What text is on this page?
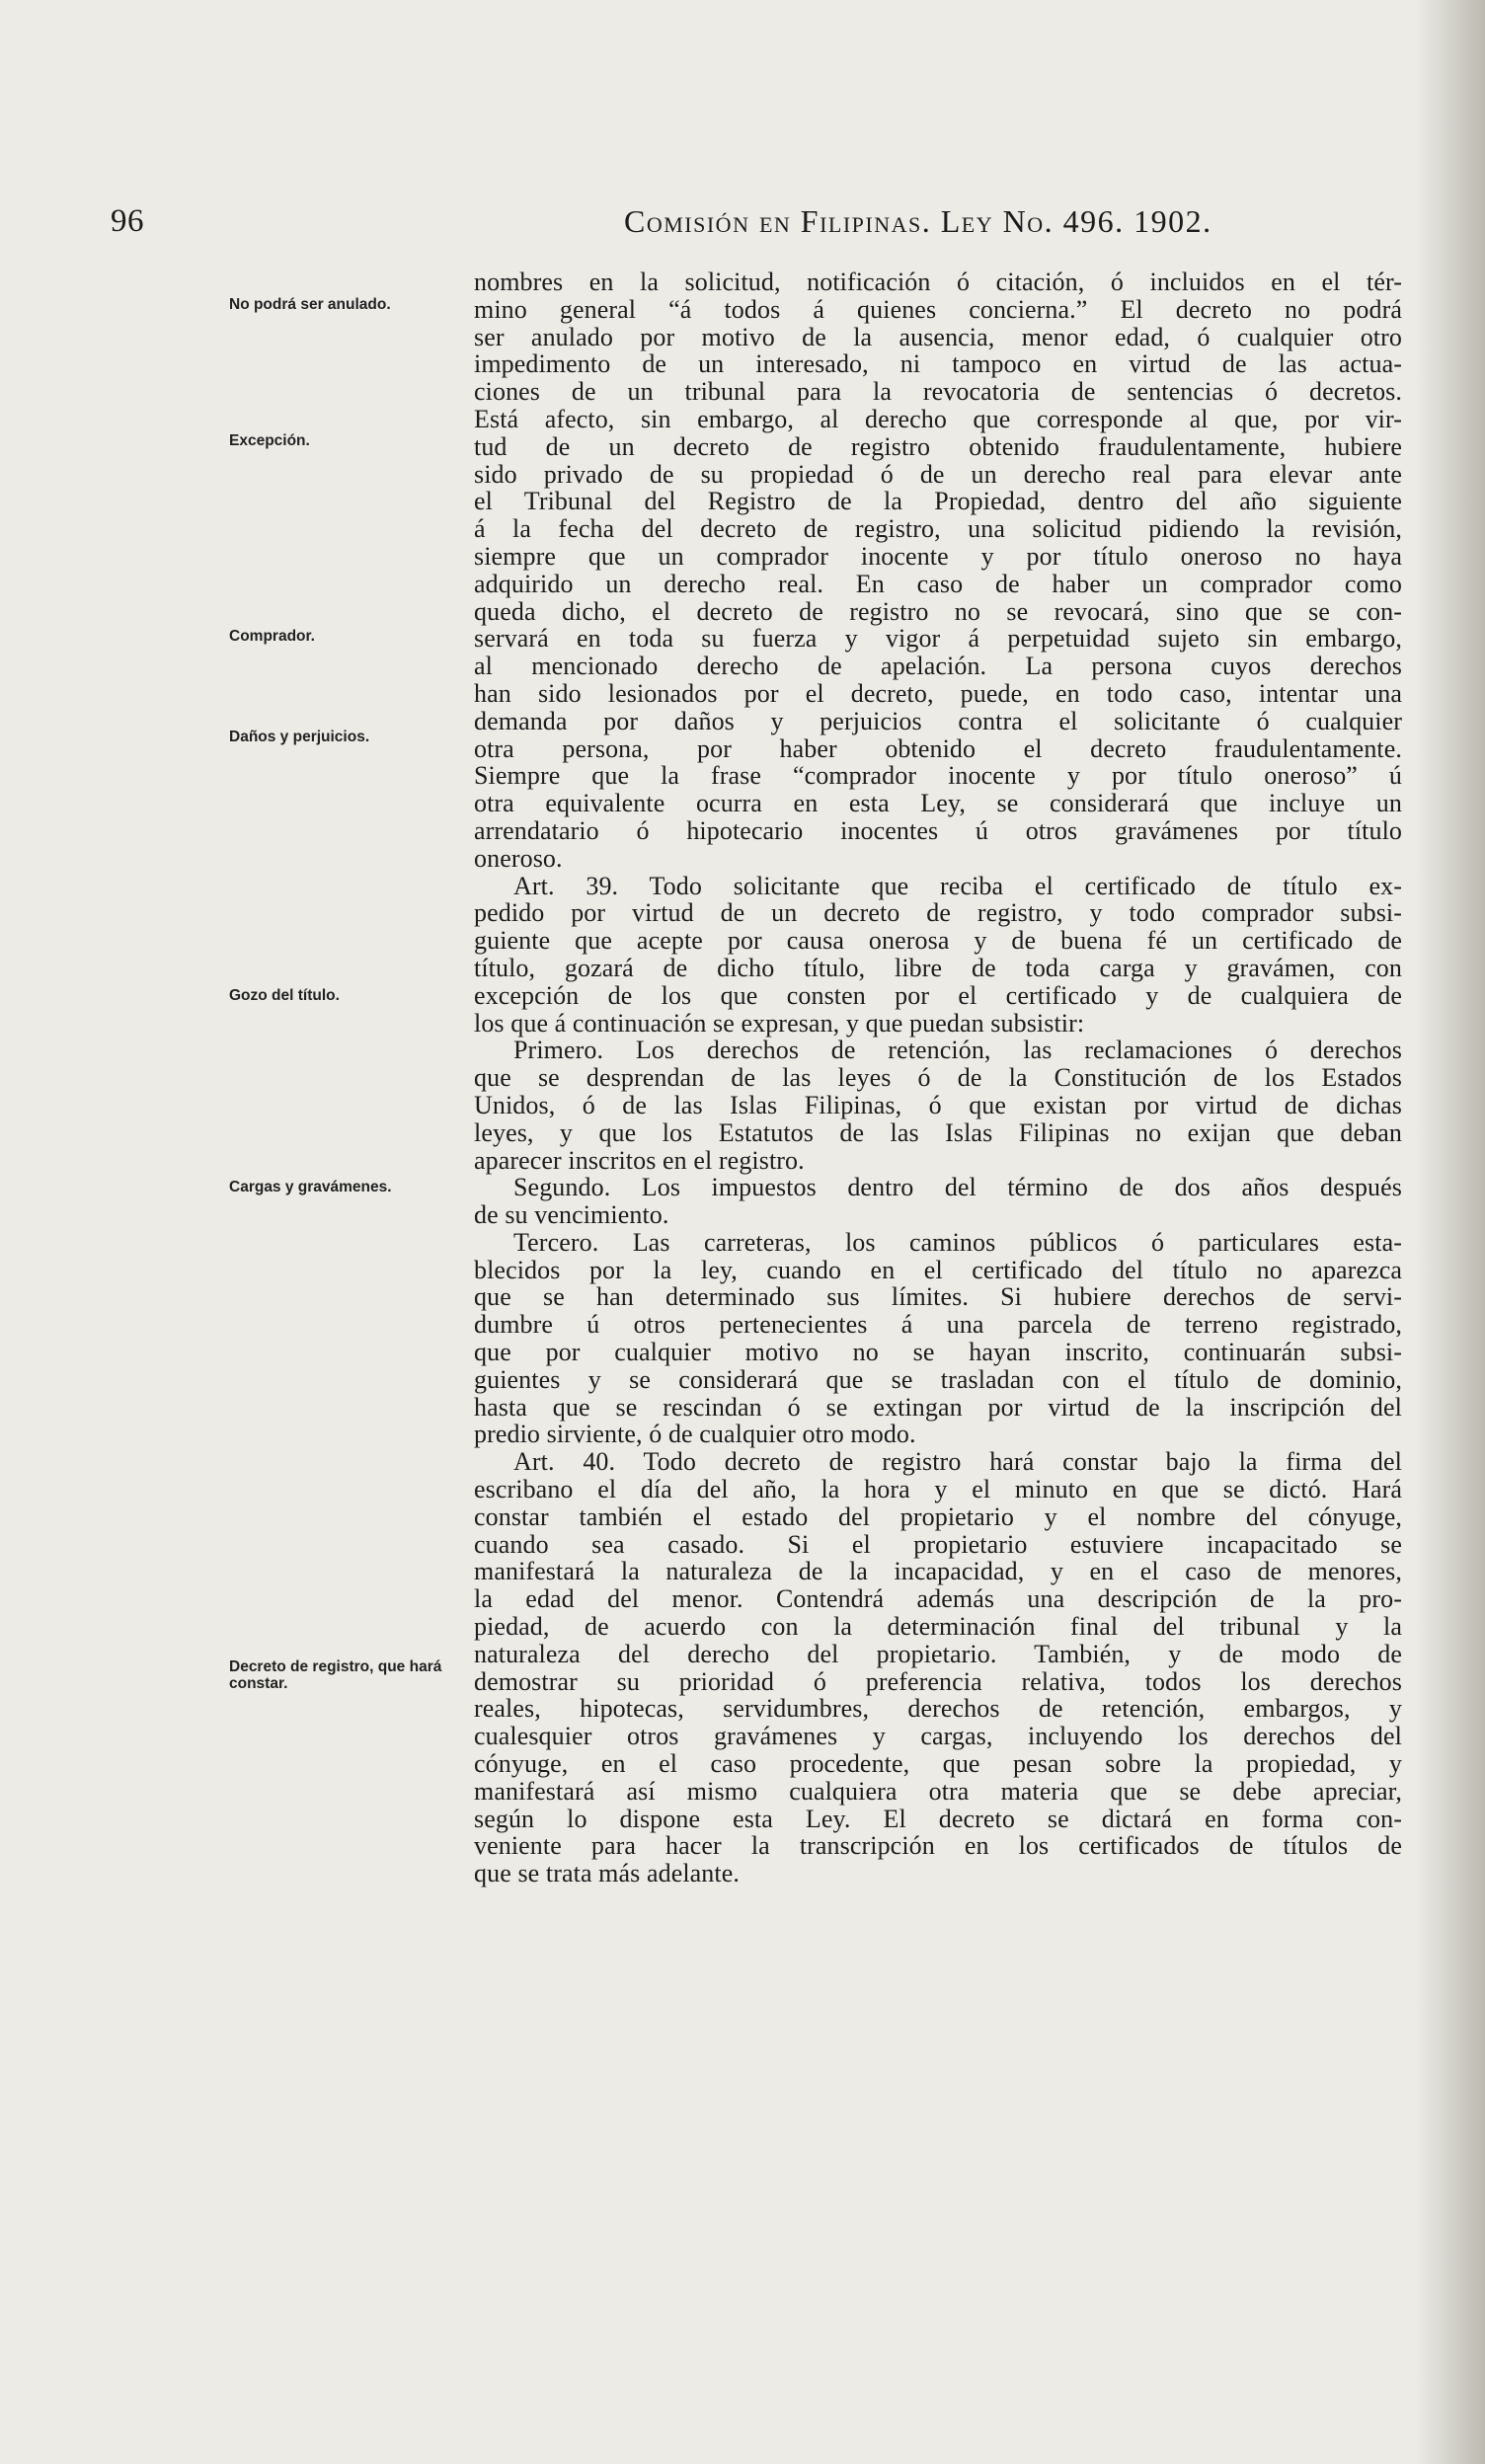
96	Comisión en Filipinas. Ley No. 496. 1902.
No podrá ser anulado.
Excepción.
Comprador.
Daños y perjuicios.
Gozo del título.
Cargas y gravámenes.
Decreto de registro, que hará constar.
nombres en la solicitud, notificación ó citación, ó incluidos en el tér-
mino general “á todos á quienes concierna.” El decreto no podrá
ser anulado por motivo de la ausencia, menor edad, ó cualquier otro
impedimento de un interesado, ni tampoco en virtud de las actua-
ciones de un tribunal para la revocatoria de sentencias ó decretos.
Está afecto, sin embargo, al derecho que corresponde al que, por vir-
tud de un decreto de registro obtenido fraudulentamente, hubiere
sido privado de su propiedad ó de un derecho real para elevar ante
el Tribunal del Registro de la Propiedad, dentro del año siguiente
á la fecha del decreto de registro, una solicitud pidiendo la revisión,
siempre que un comprador inocente y por título oneroso no haya
adquirido un derecho real. En caso de haber un comprador como
queda dicho, el decreto de registro no se revocará, sino que se con-
servará en toda su fuerza y vigor á perpetuidad sujeto sin embargo,
al mencionado derecho de apelación. La persona cuyos derechos
han sido lesionados por el decreto, puede, en todo caso, intentar una
demanda por daños y perjuicios contra el solicitante ó cualquier
otra persona, por haber obtenido el decreto fraudulentamente.
Siempre que la frase “comprador inocente y por título oneroso” ú
otra equivalente ocurra en esta Ley, se considerará que incluye un
arrendatario ó hipotecario inocentes ú otros gravámenes por título
oneroso.
Art. 39. Todo solicitante que reciba el certificado de título ex-
pedido por virtud de un decreto de registro, y todo comprador subsi-
guiente que acepte por causa onerosa y de buena fé un certificado de
título, gozará de dicho título, libre de toda carga y gravámen, con
excepción de los que consten por el certificado y de cualquiera de
los que á continuación se expresan, y que puedan subsistir:
Primero. Los derechos de retención, las reclamaciones ó derechos
que se desprendan de las leyes ó de la Constitución de los Estados
Unidos, ó de las Islas Filipinas, ó que existan por virtud de dichas
leyes, y que los Estatutos de las Islas Filipinas no exijan que deban
aparecer inscritos en el registro.
Segundo. Los impuestos dentro del término de dos años después
de su vencimiento.
Tercero. Las carreteras, los caminos públicos ó particulares esta-
blecidos por la ley, cuando en el certificado del título no aparezca
que se han determinado sus límites. Si hubiere derechos de servi-
dumbre ú otros pertenecientes á una parcela de terreno registrado,
que por cualquier motivo no se hayan inscrito, continuarán subsi-
guientes y se considerará que se trasladan con el título de dominio,
hasta que se rescindan ó se extingan por virtud de la inscripción del
predio sirviente, ó de cualquier otro modo.
Art. 40. Todo decreto de registro hará constar bajo la firma del
escribano el día del año, la hora y el minuto en que se dictó. Hará
constar también el estado del propietario y el nombre del cónyuge,
cuando sea casado. Si el propietario estuviere incapacitado se
manifestará la naturaleza de la incapacidad, y en el caso de menores,
la edad del menor. Contendrá además una descripción de la pro-
piedad, de acuerdo con la determinación final del tribunal y la
naturaleza del derecho del propietario. También, y de modo de
demostrar su prioridad ó preferencia relativa, todos los derechos
reales, hipotecas, servidumbres, derechos de retención, embargos, y
cualesquier otros gravámenes y cargas, incluyendo los derechos del
cónyuge, en el caso procedente, que pesan sobre la propiedad, y
manifestará así mismo cualquiera otra materia que se debe apreciar,
según lo dispone esta Ley. El decreto se dictará en forma con-
veniente para hacer la transcripción en los certificados de títulos de
que se trata más adelante.
